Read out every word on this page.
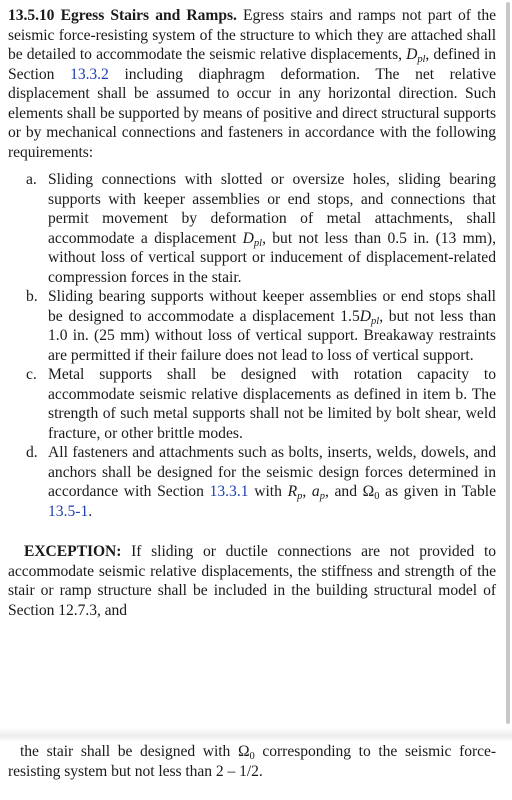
13.5.10 Egress Stairs and Ramps. Egress stairs and ramps not part of the seismic force-resisting system of the structure to which they are attached shall be detailed to accommodate the seismic relative displacements, $D_{pl}$, defined in Section 13.3.2 including diaphragm deformation. The net relative displacement shall be assumed to occur in any horizontal direction. Such elements shall be supported by means of positive and direct structural supports or by mechanical connections and fasteners in accordance with the following requirements:

a. Sliding connections with slotted or oversize holes, sliding bearing supports with keeper assemblies or end stops, and connections that permit movement by deformation of metal attachments, shall accommodate a displacement $D_{pl}$, but not less than 0.5 in. (13 mm), without loss of vertical support or inducement of displacement-related compression forces in the stair.
b. Sliding bearing supports without keeper assemblies or end stops shall be designed to accommodate a displacement $1.5D_{pl}$, but not less than 1.0 in. (25 mm) without loss of vertical support. Breakaway restraints are permitted if their failure does not lead to loss of vertical support.
c. Metal supports shall be designed with rotation capacity to accommodate seismic relative displacements as defined in item b. The strength of such metal supports shall not be limited by bolt shear, weld fracture, or other brittle modes.
d. All fasteners and attachments such as bolts, inserts, welds, dowels, and anchors shall be designed for the seismic design forces determined in accordance with Section 13.3.1 with $R_p$, $a_p$, and $\Omega_0$ as given in Table 13.5-1.

EXCEPTION: If sliding or ductile connections are not provided to accommodate seismic relative displacements, the stiffness and strength of the stair or ramp structure shall be included in the building structural model of Section 12.7.3, and

the stair shall be designed with $\Omega_0$ corresponding to the seismic force-resisting system but not less than 2 – 1/2.
